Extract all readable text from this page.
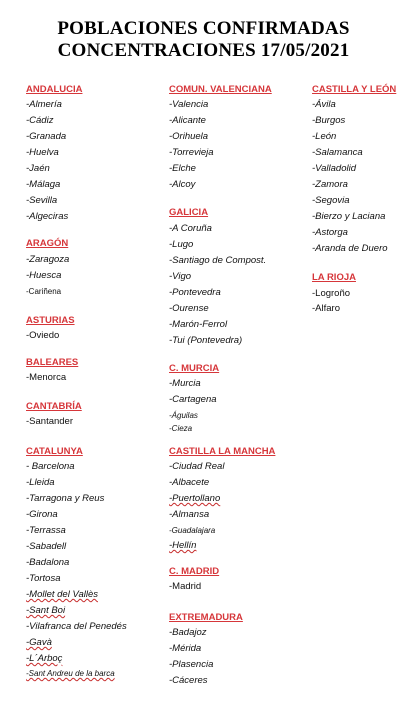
POBLACIONES CONFIRMADAS
CONCENTRACIONES 17/05/2021
ANDALUCIA
-Almería
-Cádiz
-Granada
-Huelva
-Jaén
-Málaga
-Sevilla
-Algeciras
ARAGÓN
-Zaragoza
-Huesca
-Cariñena
ASTURIAS
-Oviedo
BALEARES
-Menorca
CANTABRÍA
-Santander
CATALUNYA
- Barcelona
-Lleida
-Tarragona y Reus
-Girona
-Terrassa
-Sabadell
-Badalona
-Tortosa
-Mollet del Vallès
-Sant Boi
-Vilafranca del Penedés
-Gavà
-L´Arboç
-Sant Andreu de la barca
COMUN. VALENCIANA
-Valencia
-Alicante
-Orihuela
-Torrevieja
-Elche
-Alcoy
GALICIA
-A Coruña
-Lugo
-Santiago de Compost.
-Vigo
-Pontevedra
-Ourense
-Marón-Ferrol
-Tui (Pontevedra)
C. MURCIA
-Murcia
-Cartagena
-Águilas
-Cieza
CASTILLA LA MANCHA
-Ciudad Real
-Albacete
-Puertollano
-Almansa
-Guadalajara
-Hellín
C. MADRID
-Madrid
EXTREMADURA
-Badajoz
-Mérida
-Plasencia
-Cáceres
CASTILLA Y LEÓN
-Ávila
-Burgos
-León
-Salamanca
-Valladolid
-Zamora
-Segovia
-Bierzo y Laciana
-Astorga
-Aranda de Duero
LA RIOJA
-Logroño
-Alfaro
